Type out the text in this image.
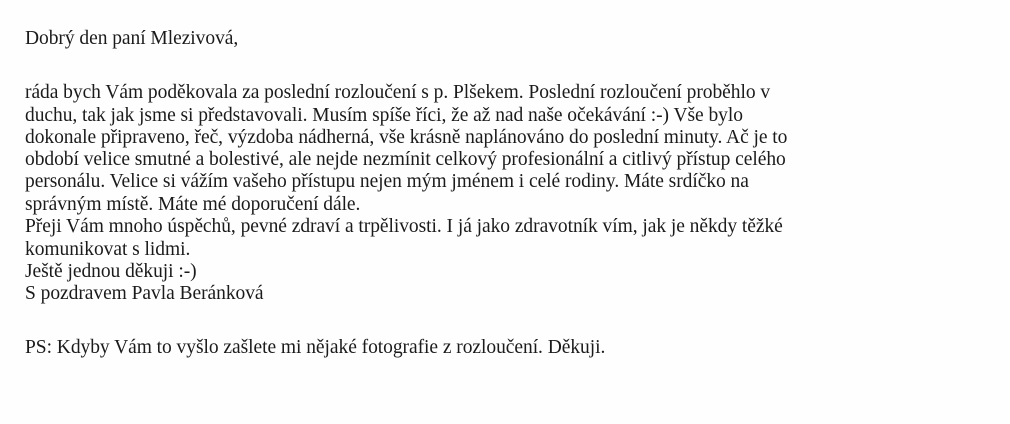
Dobrý den paní Mlezivová,
ráda bych Vám poděkovala za poslední rozloučení s p. Plšekem. Poslední rozloučení proběhlo v
duchu, tak jak jsme si představovali. Musím spíše říci, že až nad naše očekávání :-) Vše bylo
dokonale připraveno, řeč, výzdoba nádherná, vše krásně naplánováno do poslední minuty. Ač je to
období velice smutné a bolestivé, ale nejde nezmínit celkový profesionální a citlivý přístup celého
personálu. Velice si vážím vašeho přístupu nejen mým jménem i celé rodiny. Máte srdíčko na
správným místě. Máte mé doporučení dále.
Přeji Vám mnoho úspěchů, pevné zdraví a trpělivosti. I já jako zdravotník vím, jak je někdy těžké
komunikovat s lidmi.
Ještě jednou děkuji :-)
S pozdravem Pavla Beránková
PS: Kdyby Vám to vyšlo zašlete mi nějaké fotografie z rozloučení. Děkuji.
